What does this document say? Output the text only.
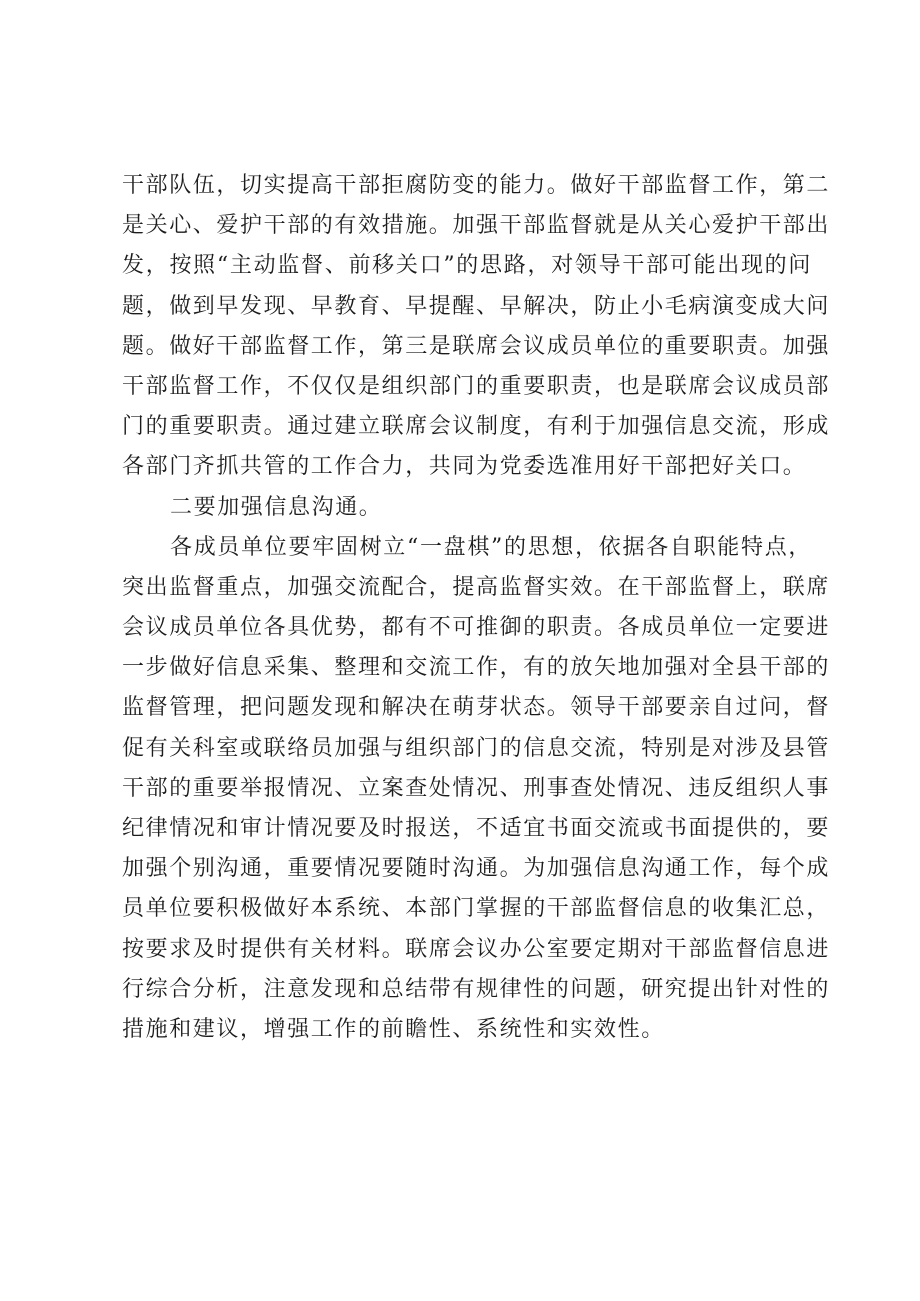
干部队伍，切实提高干部拒腐防变的能力。做好干部监督工作，第二
是关心、爱护干部的有效措施。加强干部监督就是从关心爱护干部出
发，按照“主动监督、前移关口”的思路，对领导干部可能出现的问
题，做到早发现、早教育、早提醒、早解决，防止小毛病演变成大问
题。做好干部监督工作，第三是联席会议成员单位的重要职责。加强
干部监督工作，不仅仅是组织部门的重要职责，也是联席会议成员部
门的重要职责。通过建立联席会议制度，有利于加强信息交流，形成
各部门齐抓共管的工作合力，共同为党委选准用好干部把好关口。
二要加强信息沟通。
各成员单位要牢固树立“一盘棋”的思想，依据各自职能特点，
突出监督重点，加强交流配合，提高监督实效。在干部监督上，联席
会议成员单位各具优势，都有不可推御的职责。各成员单位一定要进
一步做好信息采集、整理和交流工作，有的放矢地加强对全县干部的
监督管理，把问题发现和解决在萌芽状态。领导干部要亲自过问，督
促有关科室或联络员加强与组织部门的信息交流，特别是对涉及县管
干部的重要举报情况、立案查处情况、刑事查处情况、违反组织人事
纪律情况和审计情况要及时报送，不适宜书面交流或书面提供的，要
加强个别沟通，重要情况要随时沟通。为加强信息沟通工作，每个成
员单位要积极做好本系统、本部门掌握的干部监督信息的收集汇总，
按要求及时提供有关材料。联席会议办公室要定期对干部监督信息进
行综合分析，注意发现和总结带有规律性的问题，研究提出针对性的
措施和建议，增强工作的前瞻性、系统性和实效性。
